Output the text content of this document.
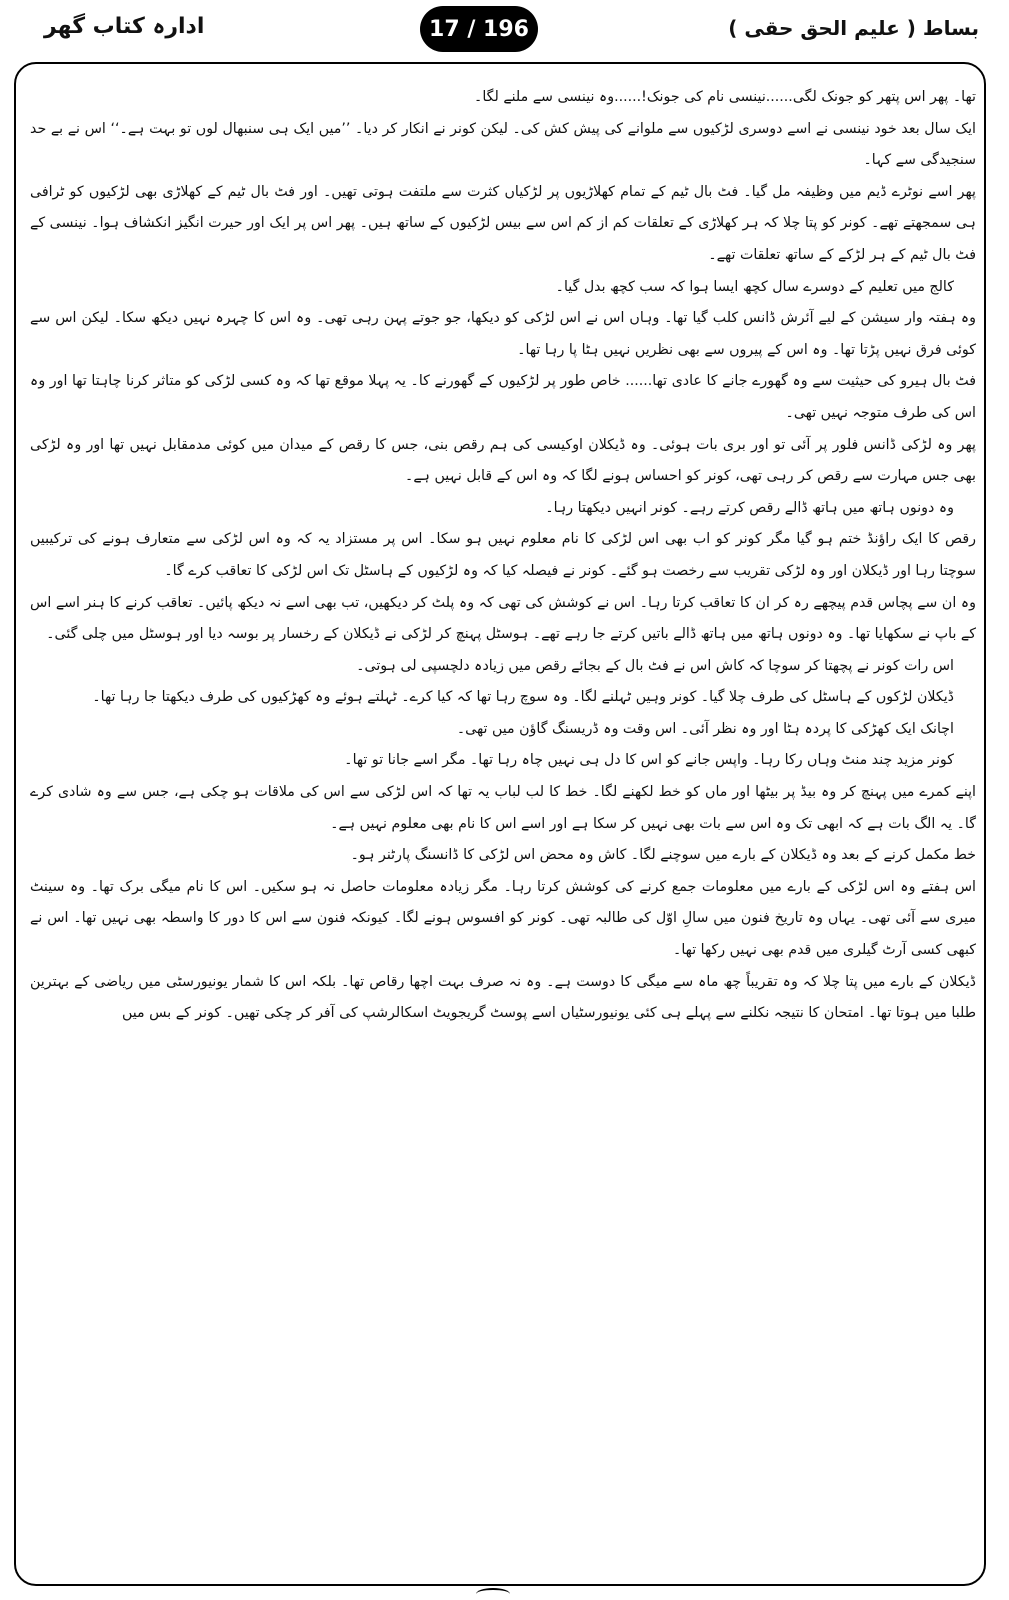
ادارہ کتاب گھر	17 / 196	بساط ( علیم الحق حقی )

تھا۔ پھر اس پتھر کو جونک لگی......نینسی نام کی جونک!......وہ نینسی سے ملنے لگا۔

ایک سال بعد خود نینسی نے اسے دوسری لڑکیوں سے ملوانے کی پیش کش کی۔ لیکن کونر نے انکار کر دیا۔ ’’میں ایک ہی سنبھال لوں تو بہت ہے۔‘‘ اس نے بے حد سنجیدگی سے کہا۔

پھر اسے نوٹرے ڈیم میں وظیفہ مل گیا۔ فٹ بال ٹیم کے تمام کھلاڑیوں پر لڑکیاں کثرت سے ملتفت ہوتی تھیں۔ اور فٹ بال ٹیم کے کھلاڑی بھی لڑکیوں کو ٹرافی ہی سمجھتے تھے۔ کونر کو پتا چلا کہ ہر کھلاڑی کے تعلقات کم از کم اس سے بیس لڑکیوں کے ساتھ ہیں۔ پھر اس پر ایک اور حیرت انگیز انکشاف ہوا۔ نینسی کے فٹ بال ٹیم کے ہر لڑکے کے ساتھ تعلقات تھے۔

کالج میں تعلیم کے دوسرے سال کچھ ایسا ہوا کہ سب کچھ بدل گیا۔

وہ ہفتہ وار سیشن کے لیے آئرش ڈانس کلب گیا تھا۔ وہاں اس نے اس لڑکی کو دیکھا، جو جوتے پہن رہی تھی۔ وہ اس کا چہرہ نہیں دیکھ سکا۔ لیکن اس سے کوئی فرق نہیں پڑتا تھا۔ وہ اس کے پیروں سے بھی نظریں نہیں ہٹا پا رہا تھا۔

فٹ بال ہیرو کی حیثیت سے وہ گھورے جانے کا عادی تھا...... خاص طور پر لڑکیوں کے گھورنے کا۔ یہ پہلا موقع تھا کہ وہ کسی لڑکی کو متاثر کرنا چاہتا تھا اور وہ اس کی طرف متوجہ نہیں تھی۔

پھر وہ لڑکی ڈانس فلور پر آئی تو اور بری بات ہوئی۔ وہ ڈیکلان اوکیسی کی ہم رقص بنی، جس کا رقص کے میدان میں کوئی مدمقابل نہیں تھا اور وہ لڑکی بھی جس مہارت سے رقص کر رہی تھی، کونر کو احساس ہونے لگا کہ وہ اس کے قابل نہیں ہے۔

وہ دونوں ہاتھ میں ہاتھ ڈالے رقص کرتے رہے۔ کونر انہیں دیکھتا رہا۔

رقص کا ایک راؤنڈ ختم ہو گیا مگر کونر کو اب بھی اس لڑکی کا نام معلوم نہیں ہو سکا۔ اس پر مستزاد یہ کہ وہ اس لڑکی سے متعارف ہونے کی ترکیبیں سوچتا رہا اور ڈیکلان اور وہ لڑکی تقریب سے رخصت ہو گئے۔ کونر نے فیصلہ کیا کہ وہ لڑکیوں کے ہاسٹل تک اس لڑکی کا تعاقب کرے گا۔

وہ ان سے پچاس قدم پیچھے رہ کر ان کا تعاقب کرتا رہا۔ اس نے کوشش کی تھی کہ وہ پلٹ کر دیکھیں، تب بھی اسے نہ دیکھ پائیں۔ تعاقب کرنے کا ہنر اسے اس کے باپ نے سکھایا تھا۔ وہ دونوں ہاتھ میں ہاتھ ڈالے باتیں کرتے جا رہے تھے۔ ہوسٹل پہنچ کر لڑکی نے ڈیکلان کے رخسار پر بوسہ دیا اور ہوسٹل میں چلی گئی۔

اس رات کونر نے پچھتا کر سوچا کہ کاش اس نے فٹ بال کے بجائے رقص میں زیادہ دلچسپی لی ہوتی۔

ڈیکلان لڑکوں کے ہاسٹل کی طرف چلا گیا۔ کونر وہیں ٹہلنے لگا۔ وہ سوچ رہا تھا کہ کیا کرے۔ ٹہلتے ہوئے وہ کھڑکیوں کی طرف دیکھتا جا رہا تھا۔

اچانک ایک کھڑکی کا پردہ ہٹا اور وہ نظر آئی۔ اس وقت وہ ڈریسنگ گاؤن میں تھی۔

کونر مزید چند منٹ وہاں رکا رہا۔ واپس جانے کو اس کا دل ہی نہیں چاہ رہا تھا۔ مگر اسے جانا تو تھا۔

اپنے کمرے میں پہنچ کر وہ بیڈ پر بیٹھا اور ماں کو خط لکھنے لگا۔ خط کا لب لباب یہ تھا کہ اس لڑکی سے اس کی ملاقات ہو چکی ہے، جس سے وہ شادی کرے گا۔ یہ الگ بات ہے کہ ابھی تک وہ اس سے بات بھی نہیں کر سکا ہے اور اسے اس کا نام بھی معلوم نہیں ہے۔

خط مکمل کرنے کے بعد وہ ڈیکلان کے بارے میں سوچنے لگا۔ کاش وہ محض اس لڑکی کا ڈانسنگ پارٹنر ہو۔

اس ہفتے وہ اس لڑکی کے بارے میں معلومات جمع کرنے کی کوشش کرتا رہا۔ مگر زیادہ معلومات حاصل نہ ہو سکیں۔ اس کا نام میگی برک تھا۔ وہ سینٹ میری سے آئی تھی۔ یہاں وہ تاریخ فنون میں سالِ اوّل کی طالبہ تھی۔ کونر کو افسوس ہونے لگا۔ کیونکہ فنون سے اس کا دور کا واسطہ بھی نہیں تھا۔ اس نے کبھی کسی آرٹ گیلری میں قدم بھی نہیں رکھا تھا۔

ڈیکلان کے بارے میں پتا چلا کہ وہ تقریباً چھ ماہ سے میگی کا دوست ہے۔ وہ نہ صرف بہت اچھا رقاص تھا۔ بلکہ اس کا شمار یونیورسٹی میں ریاضی کے بہترین طلبا میں ہوتا تھا۔ امتحان کا نتیجہ نکلنے سے پہلے ہی کئی یونیورسٹیاں اسے پوسٹ گریجویٹ اسکالرشپ کی آفر کر چکی تھیں۔ کونر کے بس میں
